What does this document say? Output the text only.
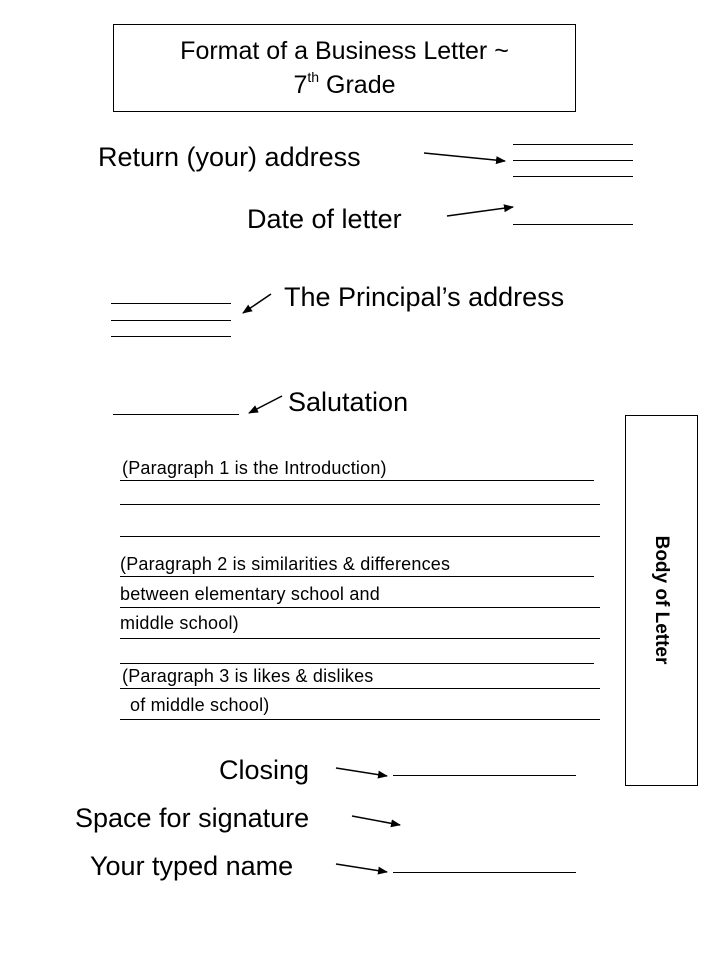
Format of a Business Letter ~
7th Grade
Return (your) address
Date of letter
The Principal’s address
Salutation
Closing
Space for signature
Your typed name
(Paragraph 1 is the Introduction)
(Paragraph 2 is similarities & differences
between elementary school and
middle school)
(Paragraph 3 is likes & dislikes
of middle school)
Body of Letter
